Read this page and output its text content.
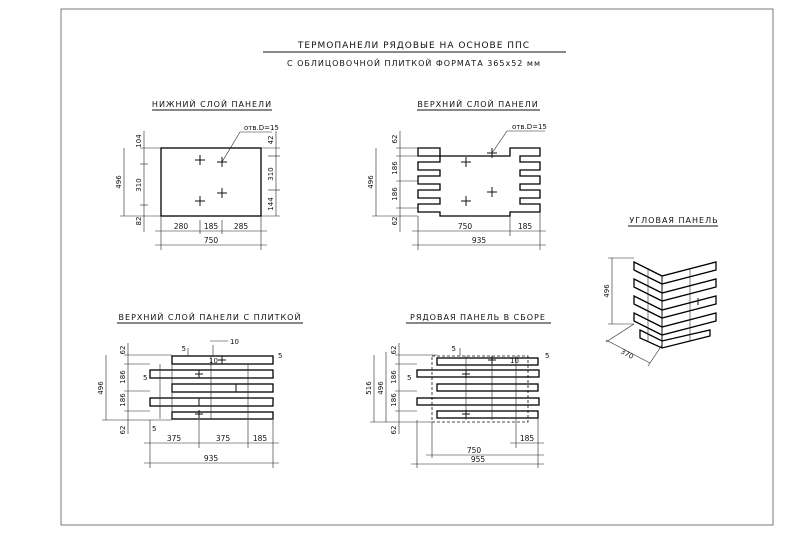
ТЕРМОПАНЕЛИ РЯДОВЫЕ НА ОСНОВЕ ППС
С ОБЛИЦОВОЧНОЙ ПЛИТКОЙ ФОРМАТА 365x52 мм
НИЖНИЙ СЛОЙ ПАНЕЛИ
отв.D=15
104
310
82
496
42
310
144
280 185 285
750
ВЕРХНИЙ СЛОЙ ПАНЕЛИ
отв.D=15
62
186
186
62
496
750	185
935
УГЛОВАЯ ПАНЕЛЬ
496
370
ВЕРХНИЙ СЛОЙ ПАНЕЛИ С ПЛИТКОЙ
62
186
186
62
496
10
5
5
10
5
5
375	375	185
935
РЯДОВАЯ ПАНЕЛЬ В СБОРЕ
62
186
186
62
496
516
5
5
10
5
185
750
955
